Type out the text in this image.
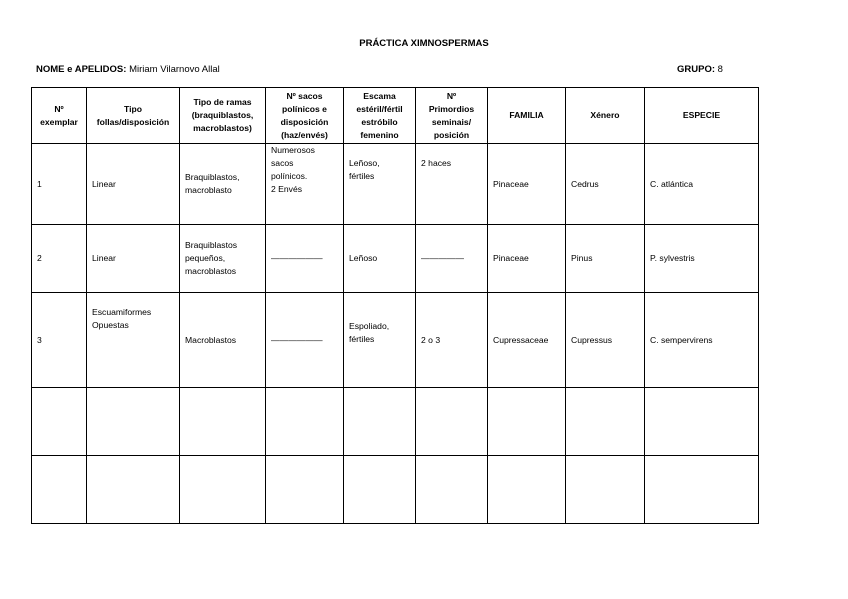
PRÁCTICA XIMNOSPERMAS
NOME e APELIDOS: Miriam Vilarnovo Allal	GRUPO: 8
Nº
exemplar	Tipo
follas/disposición	Tipo de ramas
(braquiblastos,
macroblastos)	Nº sacos
polínicos e
disposición
(haz/envés)	Escama
estéril/fértil
estróbilo
femenino	Nº
Primordios
seminais/
posición	FAMILIA	Xénero	ESPECIE
1	Linear	Braquiblastos,
macroblasto	Numerosos
sacos
polínicos.
2 Envés	Leñoso,
fértiles	2 haces	Pinaceae	Cedrus	C. atlántica
2	Linear	Braquiblastos
pequeños,
macroblastos	——————	Leñoso	—————	Pinaceae	Pinus	P. sylvestris
3	Escuamiformes
Opuestas	Macroblastos	——————	Espoliado,
fértiles	2 o 3	Cupressaceae	Cupressus	C. sempervirens
